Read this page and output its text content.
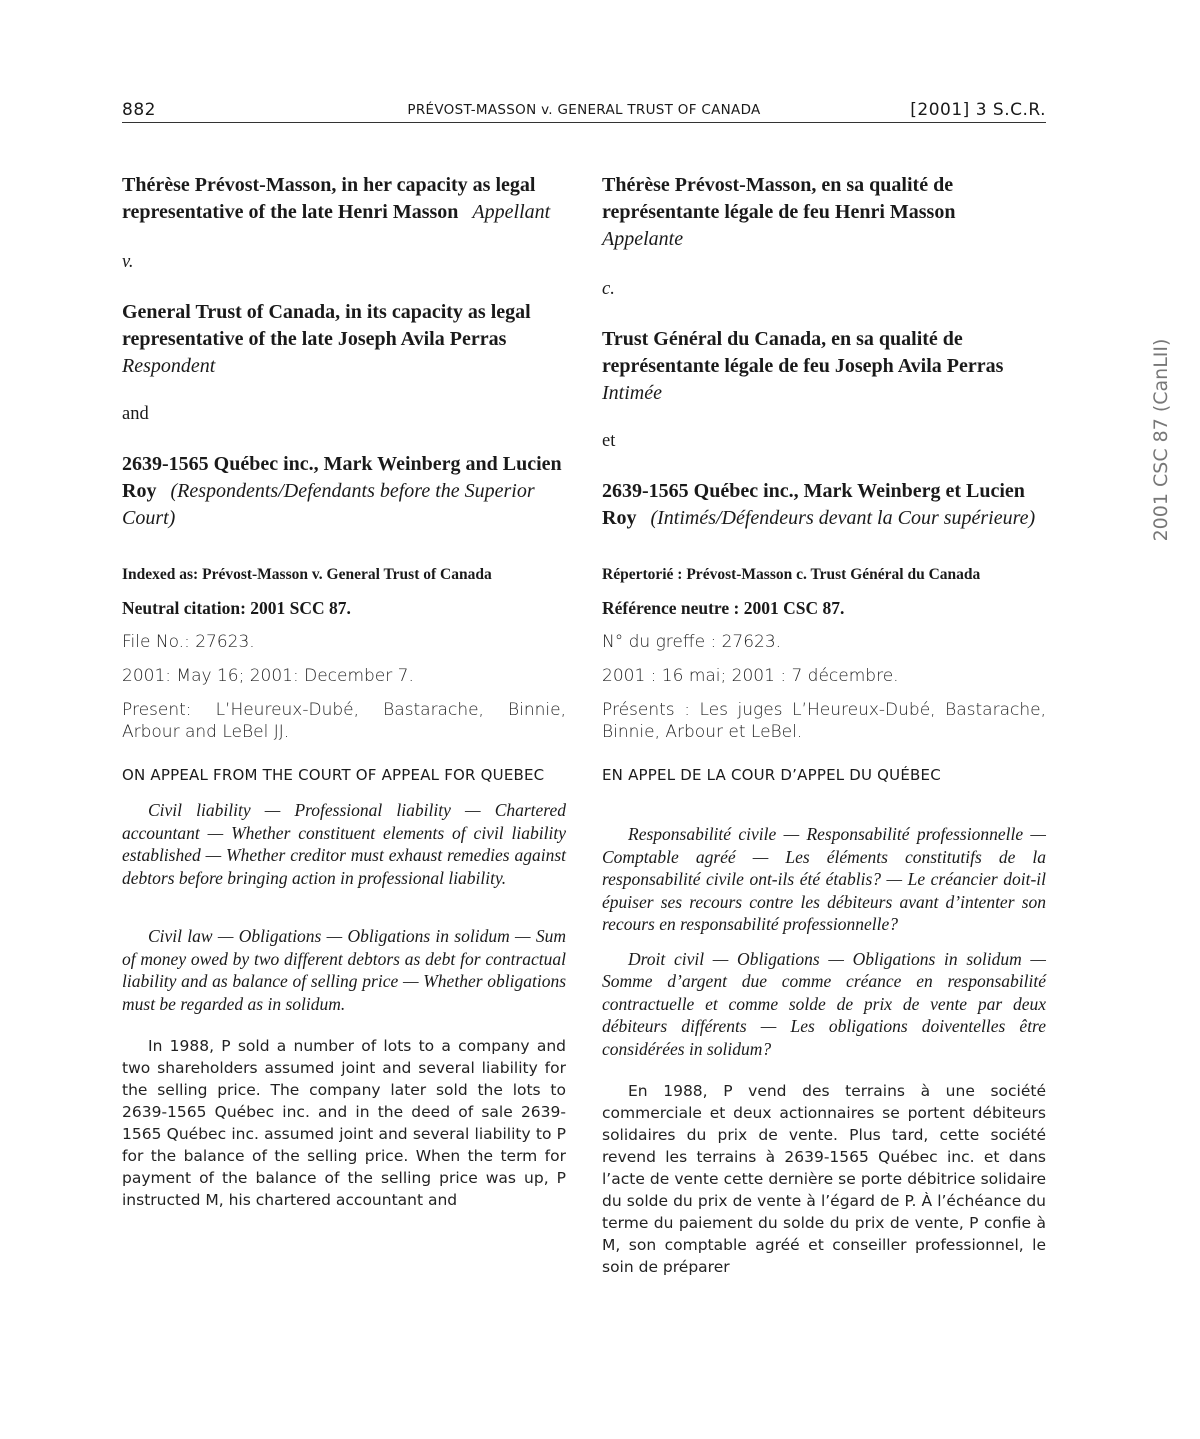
882	PRÉVOST-MASSON v. GENERAL TRUST OF CANADA	[2001] 3 S.C.R.
2001 CSC 87 (CanLII)

Thérèse Prévost-Masson, in her capacity as legal representative of the late Henri Masson Appellant

v.

General Trust of Canada, in its capacity as legal representative of the late Joseph Avila PerrasRespondent

and

2639-1565 Québec inc., Mark Weinberg and Lucien Roy (Respondents/Defendants before the Superior Court)

Indexed as: Prévost-Masson v. General Trust of Canada

Neutral citation: 2001 SCC 87.

File No.: 27623.

2001: May 16; 2001: December 7.

Present: L’Heureux-Dubé, Bastarache, Binnie, Arbour and LeBel JJ.

ON APPEAL FROM THE COURT OF APPEAL FOR QUEBEC

Civil liability — Professional liability — Chartered accountant — Whether constituent elements of civil liability established — Whether creditor must exhaust remedies against debtors before bringing action in professional liability.

Civil law — Obligations — Obligations in solidum — Sum of money owed by two different debtors as debt for contractual liability and as balance of selling price — Whether obligations must be regarded as in solidum.

In 1988, P sold a number of lots to a company and two shareholders assumed joint and several liability for the selling price. The company later sold the lots to 2639-1565 Québec inc. and in the deed of sale 2639-1565 Québec inc. assumed joint and several liability to P for the balance of the selling price. When the term for payment of the balance of the selling price was up, P instructed M, his chartered accountant and

Thérèse Prévost-Masson, en sa qualité de représentante légale de feu Henri MassonAppelante

c.

Trust Général du Canada, en sa qualité de représentante légale de feu Joseph Avila PerrasIntimée

et

2639-1565 Québec inc., Mark Weinberg et Lucien Roy (Intimés/Défendeurs devant la Cour supérieure)

Répertorié : Prévost-Masson c. Trust Général du Canada

Référence neutre : 2001 CSC 87.

N° du greffe : 27623.

2001 : 16 mai; 2001 : 7 décembre.

Présents : Les juges L’Heureux-Dubé, Bastarache, Binnie, Arbour et LeBel.

EN APPEL DE LA COUR D’APPEL DU QUÉBEC

Responsabilité civile — Responsabilité professionnelle — Comptable agréé — Les éléments constitutifs de la responsabilité civile ont-ils été établis? — Le créancier doit-il épuiser ses recours contre les débiteurs avant d’intenter son recours en responsabilité professionnelle?

Droit civil — Obligations — Obligations in solidum — Somme d’argent due comme créance en responsabilité contractuelle et comme solde de prix de vente par deux débiteurs différents — Les obligations doiventelles être considérées in solidum?

En 1988, P vend des terrains à une société commerciale et deux actionnaires se portent débiteurs solidaires du prix de vente. Plus tard, cette société revend les terrains à 2639-1565 Québec inc. et dans l’acte de vente cette dernière se porte débitrice solidaire du solde du prix de vente à l’égard de P. À l’échéance du terme du paiement du solde du prix de vente, P confie à M, son comptable agréé et conseiller professionnel, le soin de préparer
